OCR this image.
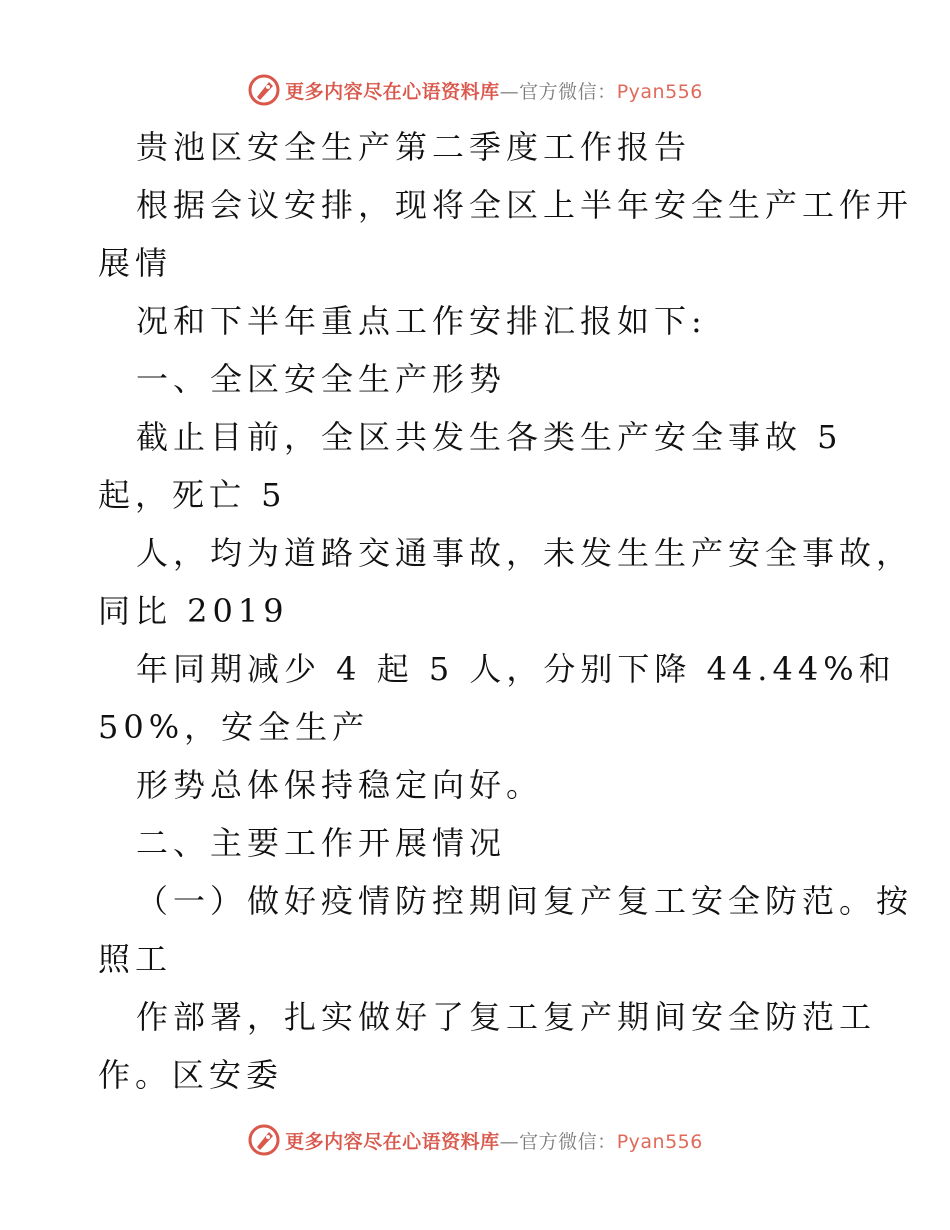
更多内容尽在心语资料库—官方微信：Pyan556
贵池区安全生产第二季度工作报告
根据会议安排，现将全区上半年安全生产工作开
展情
况和下半年重点工作安排汇报如下:
一、全区安全生产形势
截止目前，全区共发生各类生产安全事故 5
起，死亡 5
人，均为道路交通事故，未发生生产安全事故，
同比 2019
年同期减少 4 起 5 人，分别下降 44.44%和
50%，安全生产
形势总体保持稳定向好。
二、主要工作开展情况
（一）做好疫情防控期间复产复工安全防范。按
照工
作部署，扎实做好了复工复产期间安全防范工
作。区安委
更多内容尽在心语资料库—官方微信：Pyan556
